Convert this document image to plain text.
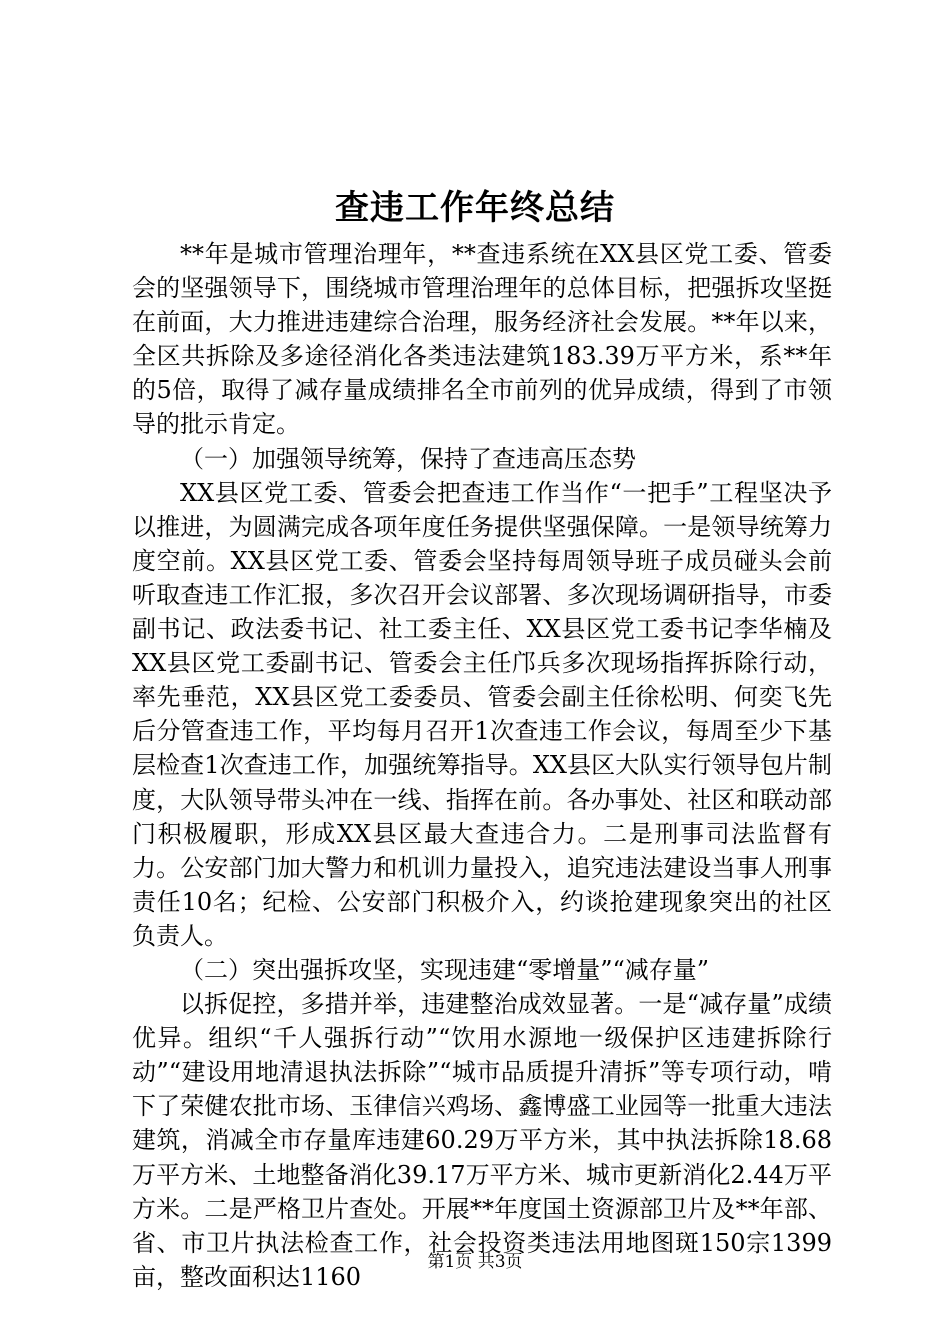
查违工作年终总结

**年是城市管理治理年，**查违系统在XX县区党工委、管委会的坚强领导下，围绕城市管理治理年的总体目标，把强拆攻坚挺在前面，大力推进违建综合治理，服务经济社会发展。**年以来，全区共拆除及多途径消化各类违法建筑183.39万平方米，系**年的5倍，取得了减存量成绩排名全市前列的优异成绩，得到了市领导的批示肯定。

（一）加强领导统筹，保持了查违高压态势

XX县区党工委、管委会把查违工作当作“一把手”工程坚决予以推进，为圆满完成各项年度任务提供坚强保障。一是领导统筹力度空前。XX县区党工委、管委会坚持每周领导班子成员碰头会前听取查违工作汇报，多次召开会议部署、多次现场调研指导，市委副书记、政法委书记、社工委主任、XX县区党工委书记李华楠及XX县区党工委副书记、管委会主任邝兵多次现场指挥拆除行动，率先垂范，XX县区党工委委员、管委会副主任徐松明、何奕飞先后分管查违工作，平均每月召开1次查违工作会议，每周至少下基层检查1次查违工作，加强统筹指导。XX县区大队实行领导包片制度，大队领导带头冲在一线、指挥在前。各办事处、社区和联动部门积极履职，形成XX县区最大查违合力。二是刑事司法监督有力。公安部门加大警力和机训力量投入，追究违法建设当事人刑事责任10名；纪检、公安部门积极介入，约谈抢建现象突出的社区负责人。

（二）突出强拆攻坚，实现违建“零增量”“减存量”

以拆促控，多措并举，违建整治成效显著。一是“减存量”成绩优异。组织“千人强拆行动”“饮用水源地一级保护区违建拆除行动”“建设用地清退执法拆除”“城市品质提升清拆”等专项行动，啃下了荣健农批市场、玉律信兴鸡场、鑫博盛工业园等一批重大违法建筑，消减全市存量库违建60.29万平方米，其中执法拆除18.68万平方米、土地整备消化39.17万平方米、城市更新消化2.44万平方米。二是严格卫片查处。开展**年度国土资源部卫片及**年部、省、市卫片执法检查工作，社会投资类违法用地图斑150宗1399亩，整改面积达1160

第1页 共3页
